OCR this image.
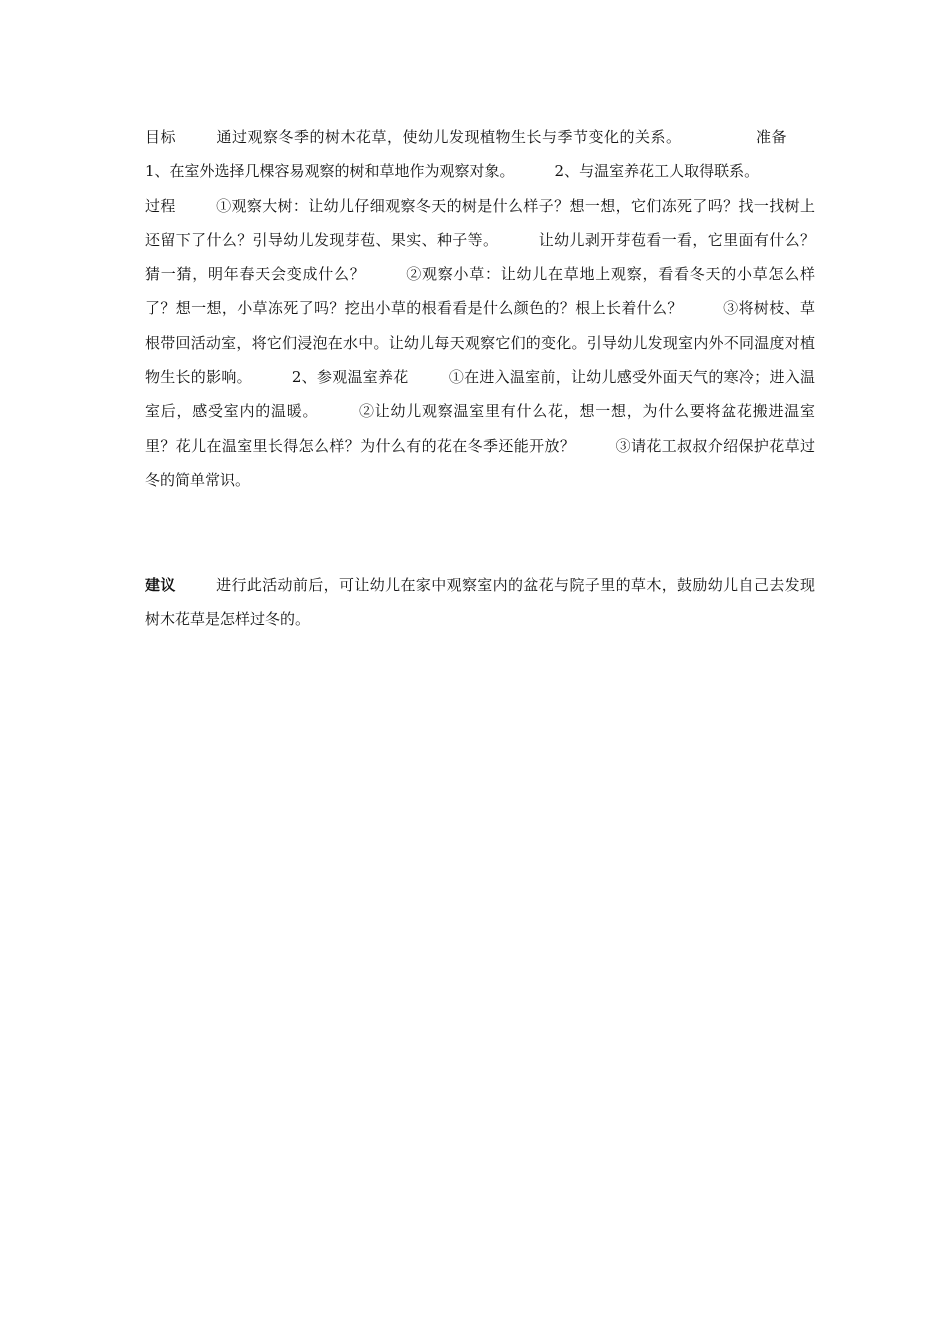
目标	通过观察冬季的树木花草，使幼儿发现植物生长与季节变化的关系。	准备1、在室外选择几棵容易观察的树和草地作为观察对象。	2、与温室养花工人取得联系。
过程	①观察大树：让幼儿仔细观察冬天的树是什么样子？想一想，它们冻死了吗？找一找树上还留下了什么？引导幼儿发现芽苞、果实、种子等。	让幼儿剥开芽苞看一看，它里面有什么？猜一猜，明年春天会变成什么？	②观察小草：让幼儿在草地上观察，看看冬天的小草怎么样了？想一想，小草冻死了吗？挖出小草的根看看是什么颜色的？根上长着什么？	③将树枝、草根带回活动室，将它们浸泡在水中。让幼儿每天观察它们的变化。引导幼儿发现室内外不同温度对植物生长的影响。	2、参观温室养花	①在进入温室前，让幼儿感受外面天气的寒冷；进入温室后，感受室内的温暖。	②让幼儿观察温室里有什么花，想一想，为什么要将盆花搬进温室里？花儿在温室里长得怎么样？为什么有的花在冬季还能开放？	③请花工叔叔介绍保护花草过冬的简单常识。
建议	进行此活动前后，可让幼儿在家中观察室内的盆花与院子里的草木，鼓励幼儿自己去发现树木花草是怎样过冬的。
